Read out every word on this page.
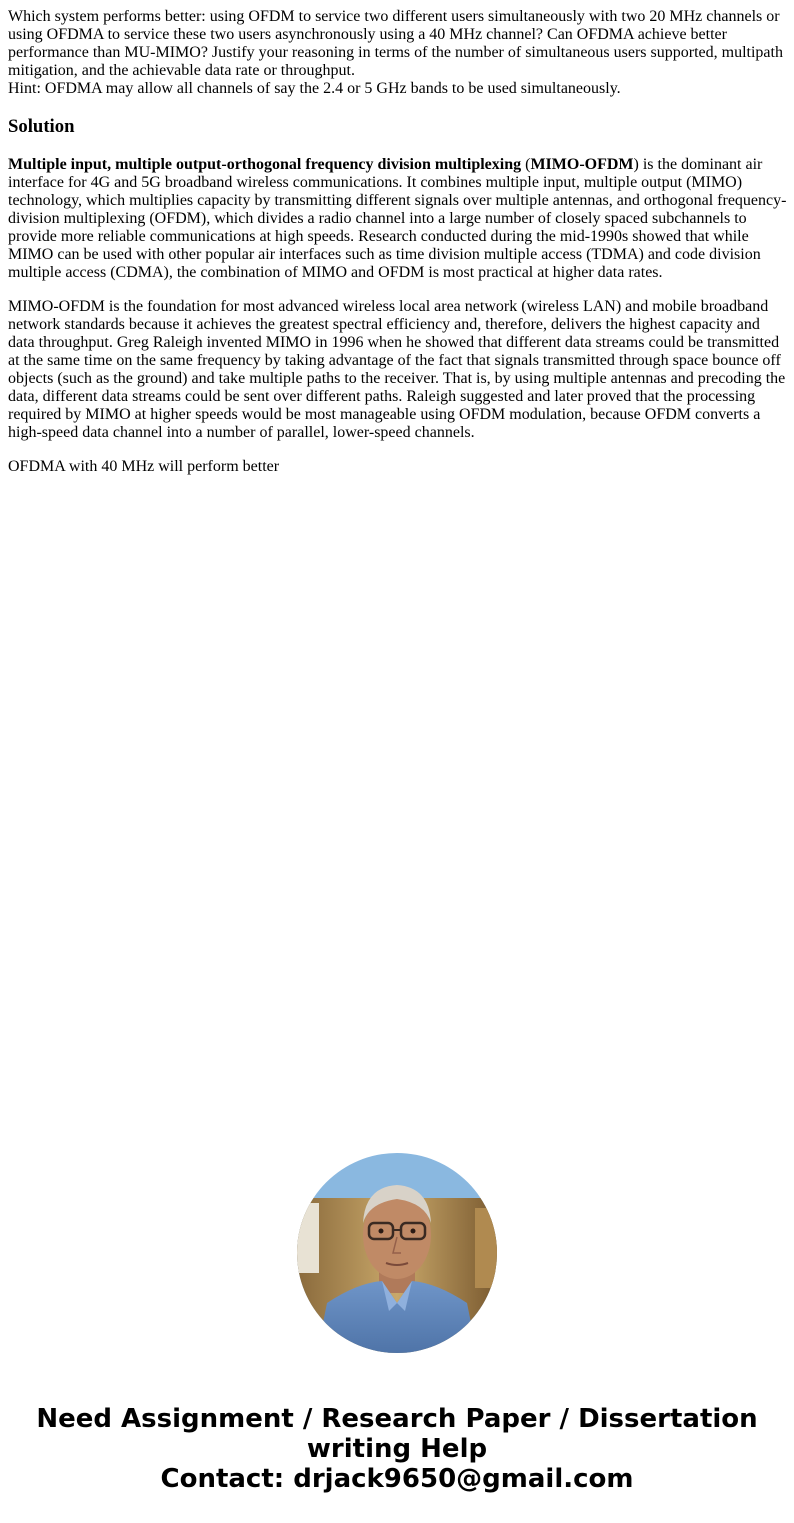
Which system performs better: using OFDM to service two different users simultaneously with two 20 MHz channels or using OFDMA to service these two users asynchronously using a 40 MHz channel? Can OFDMA achieve better performance than MU-MIMO? Justify your reasoning in terms of the number of simultaneous users supported, multipath mitigation, and the achievable data rate or throughput.

Hint: OFDMA may allow all channels of say the 2.4 or 5 GHz bands to be used simultaneously.

Solution

Multiple input, multiple output-orthogonal frequency division multiplexing (MIMO-OFDM) is the dominant air interface for 4G and 5G broadband wireless communications. It combines multiple input, multiple output (MIMO) technology, which multiplies capacity by transmitting different signals over multiple antennas, and orthogonal frequency-division multiplexing (OFDM), which divides a radio channel into a large number of closely spaced subchannels to provide more reliable communications at high speeds. Research conducted during the mid-1990s showed that while MIMO can be used with other popular air interfaces such as time division multiple access (TDMA) and code division multiple access (CDMA), the combination of MIMO and OFDM is most practical at higher data rates.

MIMO-OFDM is the foundation for most advanced wireless local area network (wireless LAN) and mobile broadband network standards because it achieves the greatest spectral efficiency and, therefore, delivers the highest capacity and data throughput. Greg Raleigh invented MIMO in 1996 when he showed that different data streams could be transmitted at the same time on the same frequency by taking advantage of the fact that signals transmitted through space bounce off objects (such as the ground) and take multiple paths to the receiver. That is, by using multiple antennas and precoding the data, different data streams could be sent over different paths. Raleigh suggested and later proved that the processing required by MIMO at higher speeds would be most manageable using OFDM modulation, because OFDM converts a high-speed data channel into a number of parallel, lower-speed channels.

OFDMA with 40 MHz will perform better

Need Assignment / Research Paper / Dissertation
writing Help
Contact: drjack9650@gmail.com
